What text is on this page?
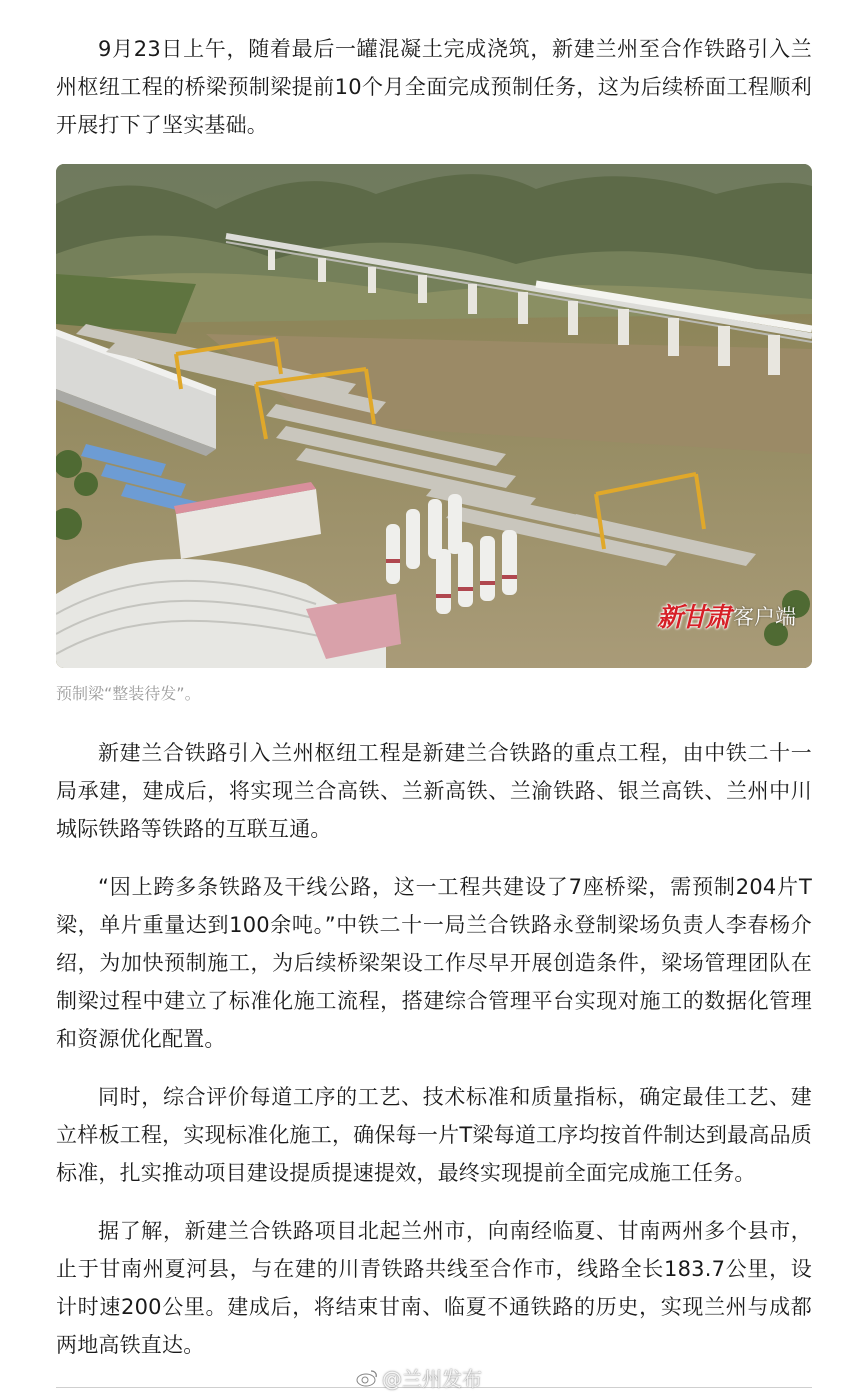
9月23日上午，随着最后一罐混凝土完成浇筑，新建兰州至合作铁路引入兰州枢纽工程的桥梁预制梁提前10个月全面完成预制任务，这为后续桥面工程顺利开展打下了坚实基础。

新甘肃 客户端

预制梁“整装待发”。

新建兰合铁路引入兰州枢纽工程是新建兰合铁路的重点工程，由中铁二十一局承建，建成后，将实现兰合高铁、兰新高铁、兰渝铁路、银兰高铁、兰州中川城际铁路等铁路的互联互通。

“因上跨多条铁路及干线公路，这一工程共建设了7座桥梁，需预制204片T梁，单片重量达到100余吨。”中铁二十一局兰合铁路永登制梁场负责人李春杨介绍，为加快预制施工，为后续桥梁架设工作尽早开展创造条件，梁场管理团队在制梁过程中建立了标准化施工流程，搭建综合管理平台实现对施工的数据化管理和资源优化配置。

同时，综合评价每道工序的工艺、技术标准和质量指标，确定最佳工艺、建立样板工程，实现标准化施工，确保每一片T梁每道工序均按首件制达到最高品质标准，扎实推动项目建设提质提速提效，最终实现提前全面完成施工任务。

据了解，新建兰合铁路项目北起兰州市，向南经临夏、甘南两州多个县市，止于甘南州夏河县，与在建的川青铁路共线至合作市，线路全长183.7公里，设计时速200公里。建成后，将结束甘南、临夏不通铁路的历史，实现兰州与成都两地高铁直达。

@兰州发布
